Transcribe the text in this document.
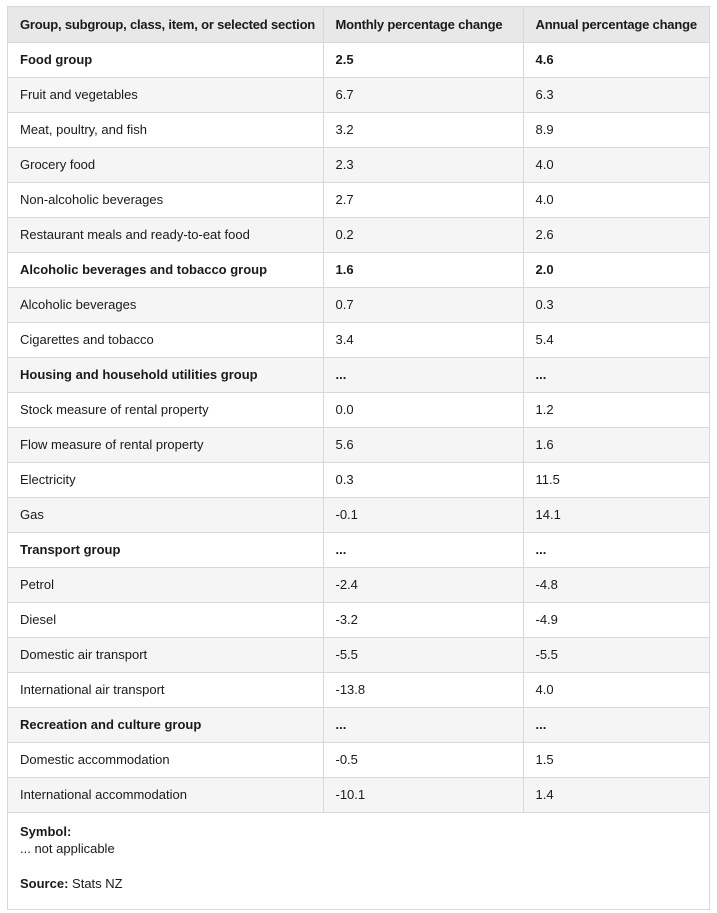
Group, subgroup, class, item, or selected section	Monthly percentage change	Annual percentage change
Food group	2.5	4.6
Fruit and vegetables	6.7	6.3
Meat, poultry, and fish	3.2	8.9
Grocery food	2.3	4.0
Non-alcoholic beverages	2.7	4.0
Restaurant meals and ready-to-eat food	0.2	2.6
Alcoholic beverages and tobacco group	1.6	2.0
Alcoholic beverages	0.7	0.3
Cigarettes and tobacco	3.4	5.4
Housing and household utilities group	...	...
Stock measure of rental property	0.0	1.2
Flow measure of rental property	5.6	1.6
Electricity	0.3	11.5
Gas	-0.1	14.1
Transport group	...	...
Petrol	-2.4	-4.8
Diesel	-3.2	-4.9
Domestic air transport	-5.5	-5.5
International air transport	-13.8	4.0
Recreation and culture group	...	...
Domestic accommodation	-0.5	1.5
International accommodation	-10.1	1.4
Symbol:
... not applicable
Source: Stats NZ
